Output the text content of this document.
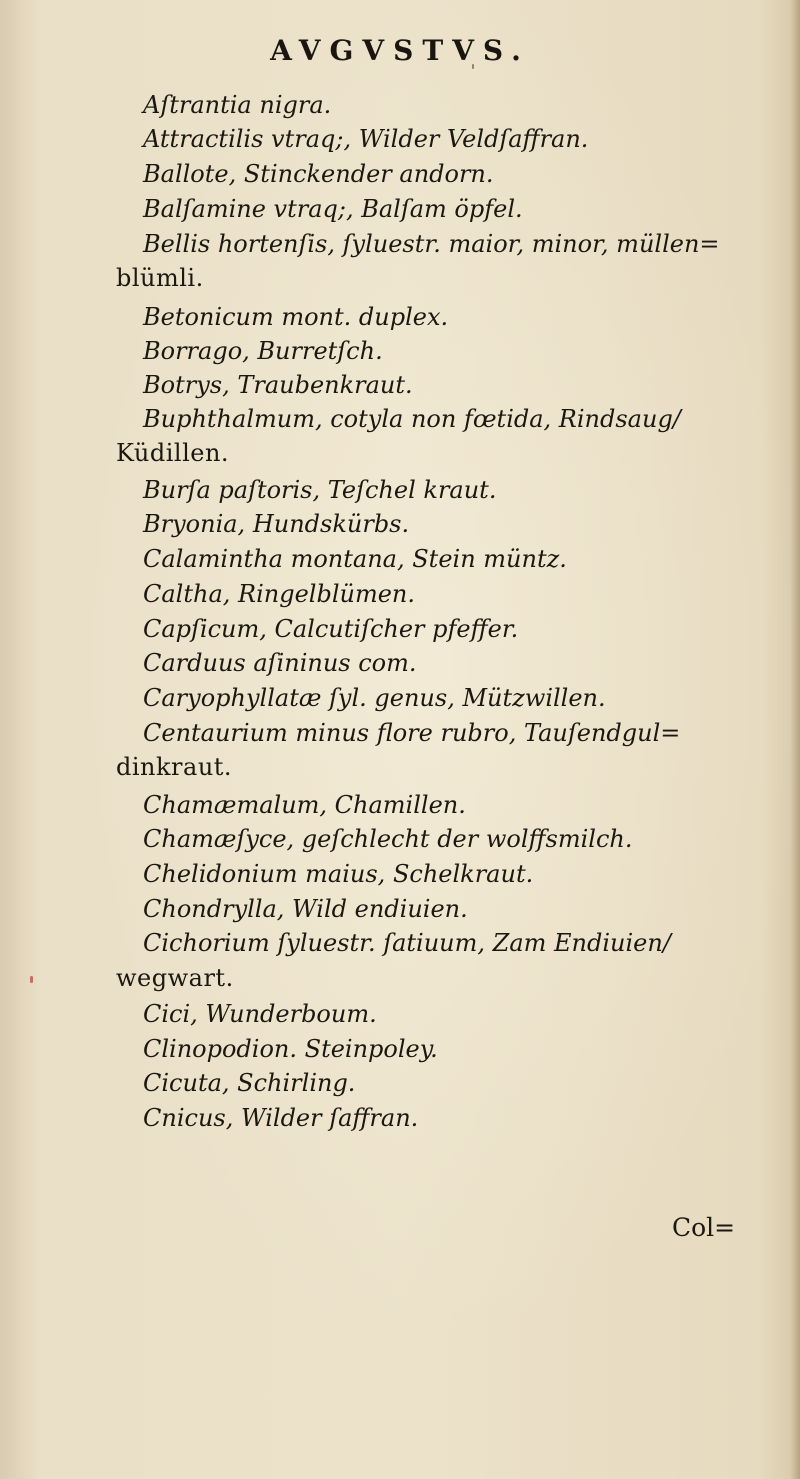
AVGVSTVS.
Aſtrantia nigra.
Attractilis vtraq;, Wilder Veldſaffran.
Ballote, Stinckender andorn.
Balſamine vtraq;, Balſam öpfel.
Bellis hortenſis, ſyluestr. maior, minor, müllen=
blümli.
Betonicum mont. duplex.
Borrago, Burretſch.
Botrys, Traubenkraut.
Buphthalmum, cotyla non fœtida, Rindsaug/
Küdillen.
Burſa paſtoris, Teſchel kraut.
Bryonia, Hundskürbs.
Calamintha montana, Stein müntz.
Caltha, Ringelblümen.
Capſicum, Calcutiſcher pfeffer.
Carduus aſininus com.
Caryophyllatæ ſyl. genus, Mützwillen.
Centaurium minus flore rubro, Tauſendgul=
dinkraut.
Chamæmalum, Chamillen.
Chamæſyce, geſchlecht der wolffsmilch.
Chelidonium maius, Schelkraut.
Chondrylla, Wild endiuien.
Cichorium ſyluestr. ſatiuum, Zam Endiuien/
wegwart.
Cici, Wunderboum.
Clinopodion. Steinpoley.
Cicuta, Schirling.
Cnicus, Wilder ſaffran.
Col=
